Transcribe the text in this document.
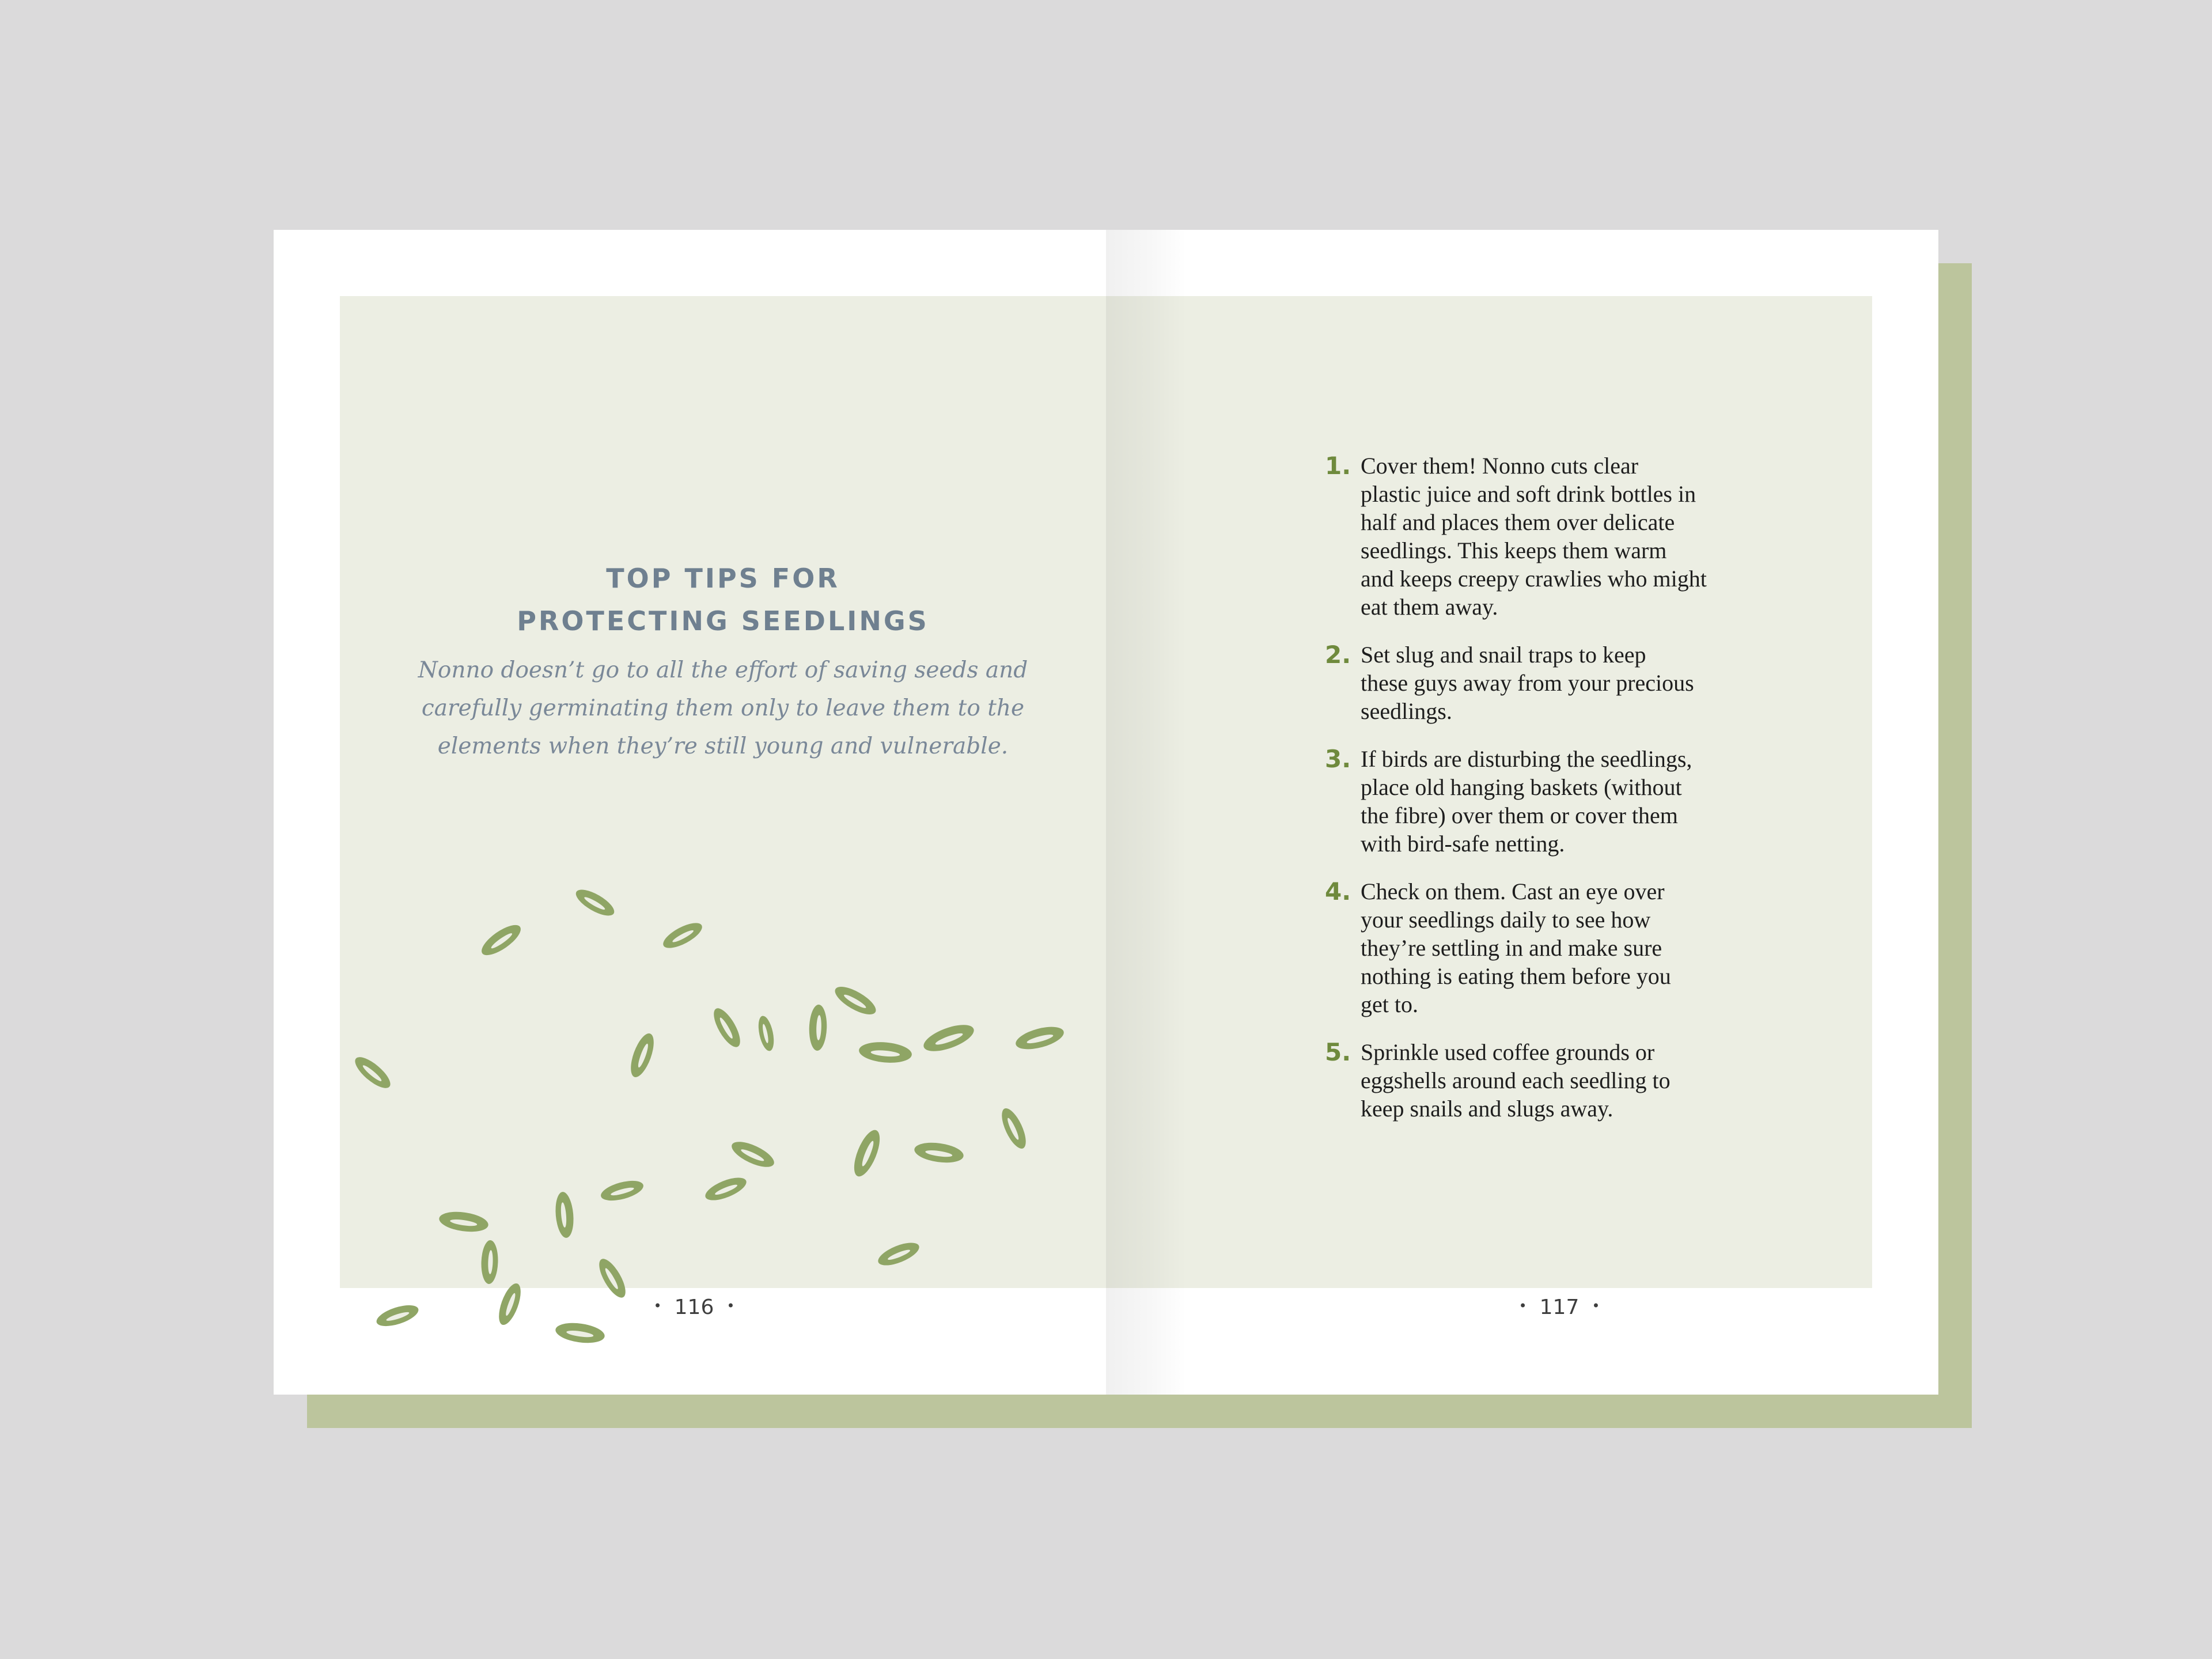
TOP TIPS FOR
PROTECTING SEEDLINGS
Nonno doesn’t go to all the effort of saving seeds and
carefully germinating them only to leave them to the
elements when they’re still young and vulnerable.
1. Cover them! Nonno cuts clear
plastic juice and soft drink bottles in
half and places them over delicate
seedlings. This keeps them warm
and keeps creepy crawlies who might
eat them away.
2. Set slug and snail traps to keep
these guys away from your precious
seedlings.
3. If birds are disturbing the seedlings,
place old hanging baskets (without
the fibre) over them or cover them
with bird-safe netting.
4. Check on them. Cast an eye over
your seedlings daily to see how
they’re settling in and make sure
nothing is eating them before you
get to.
5. Sprinkle used coffee grounds or
eggshells around each seedling to
keep snails and slugs away.
• 116 •	• 117 •
